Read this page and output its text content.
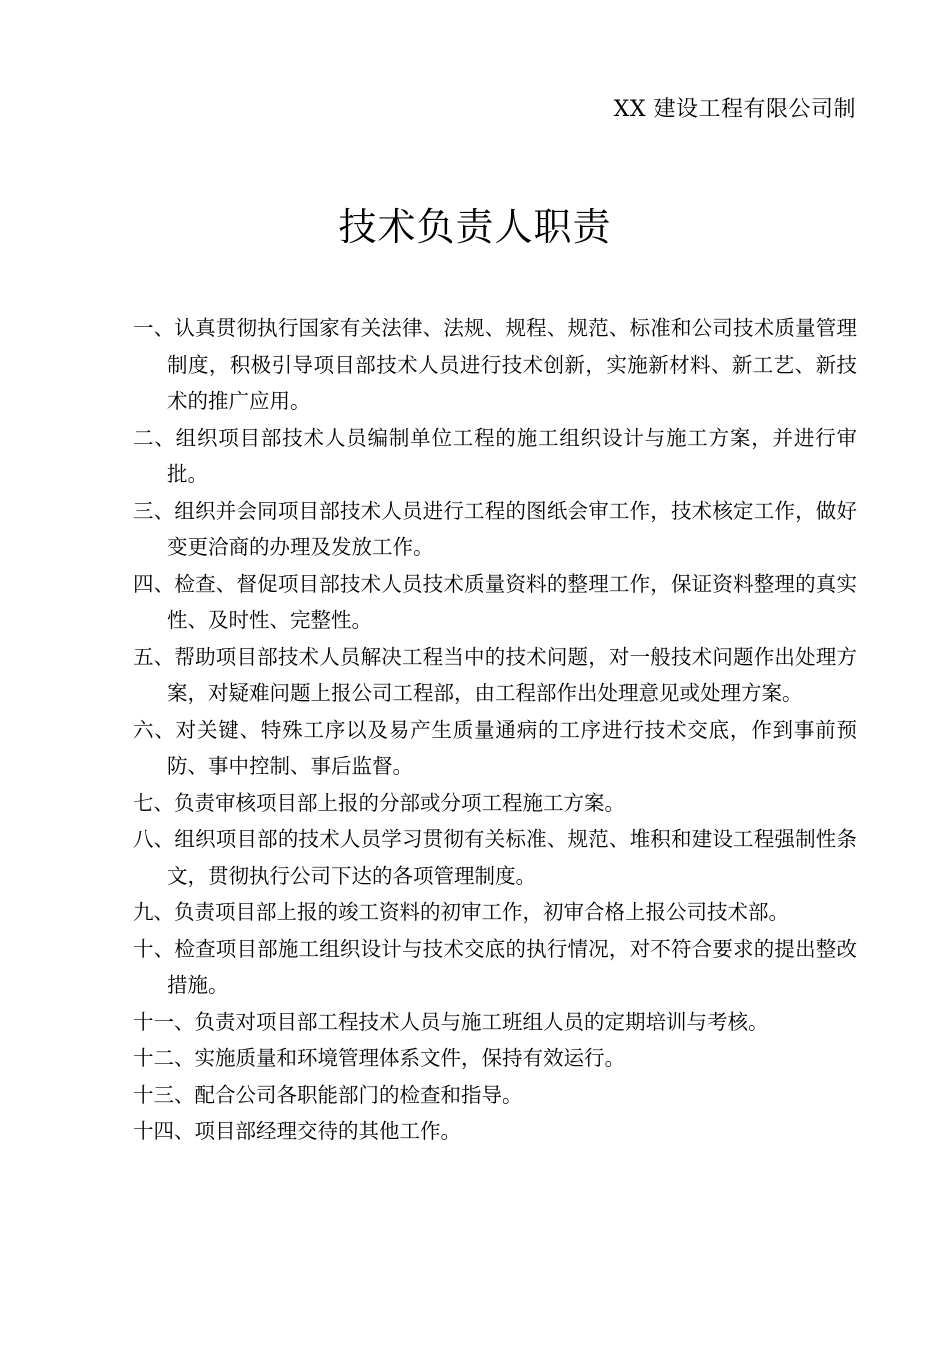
XX 建设工程有限公司制
技术负责人职责
一、认真贯彻执行国家有关法律、法规、规程、规范、标准和公司技术质量管理制度，积极引导项目部技术人员进行技术创新，实施新材料、新工艺、新技术的推广应用。
二、组织项目部技术人员编制单位工程的施工组织设计与施工方案，并进行审批。
三、组织并会同项目部技术人员进行工程的图纸会审工作，技术核定工作，做好变更洽商的办理及发放工作。
四、检查、督促项目部技术人员技术质量资料的整理工作，保证资料整理的真实性、及时性、完整性。
五、帮助项目部技术人员解决工程当中的技术问题，对一般技术问题作出处理方案，对疑难问题上报公司工程部，由工程部作出处理意见或处理方案。
六、对关键、特殊工序以及易产生质量通病的工序进行技术交底，作到事前预防、事中控制、事后监督。
七、负责审核项目部上报的分部或分项工程施工方案。
八、组织项目部的技术人员学习贯彻有关标准、规范、堆积和建设工程强制性条文，贯彻执行公司下达的各项管理制度。
九、负责项目部上报的竣工资料的初审工作，初审合格上报公司技术部。
十、检查项目部施工组织设计与技术交底的执行情况，对不符合要求的提出整改措施。
十一、负责对项目部工程技术人员与施工班组人员的定期培训与考核。
十二、实施质量和环境管理体系文件，保持有效运行。
十三、配合公司各职能部门的检查和指导。
十四、项目部经理交待的其他工作。
